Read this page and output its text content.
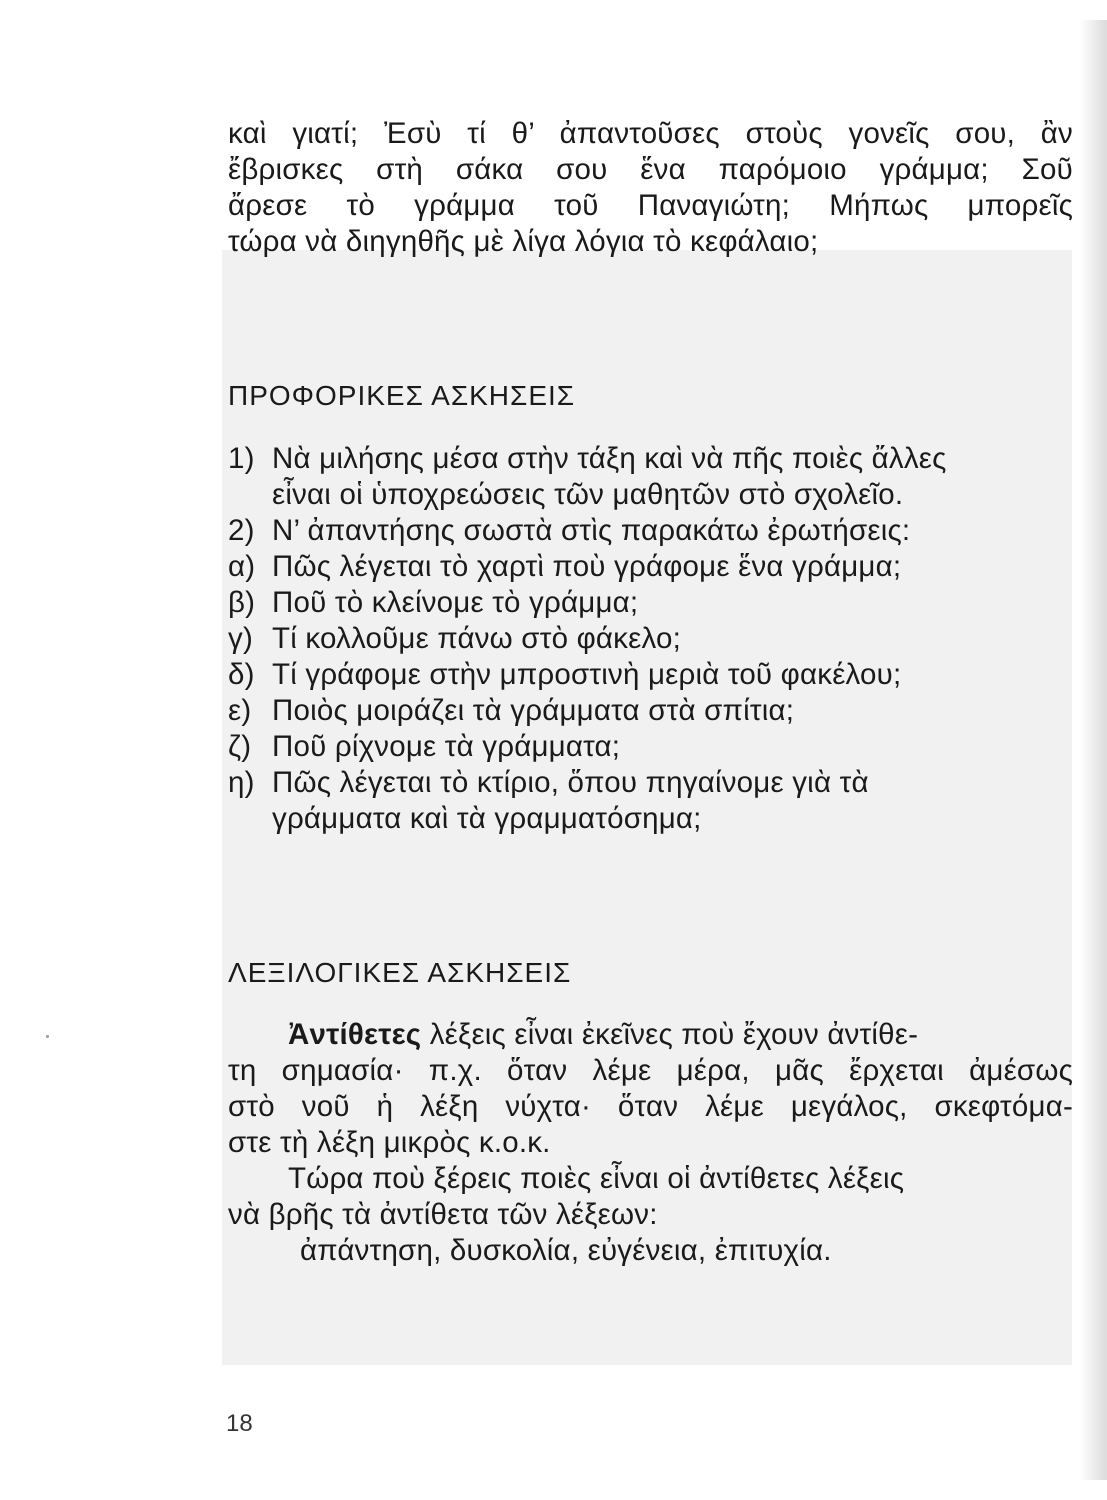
καὶ γιατί; Ἐσὺ τί θ’ ἀπαντοῦσες στοὺς γονεῖς σου, ἂν
ἔβρισκες στὴ σάκα σου ἕνα παρόμοιο γράμμα; Σοῦ
ἄρεσε τὸ γράμμα τοῦ Παναγιώτη; Μήπως μπορεῖς
τώρα νὰ διηγηθῆς μὲ λίγα λόγια τὸ κεφάλαιο;
ΠΡΟΦΟΡΙΚΕΣ ΑΣΚΗΣΕΙΣ
1) Νὰ μιλήσης μέσα στὴν τάξη καὶ νὰ πῆς ποιὲς ἄλλες
εἶναι οἱ ὑποχρεώσεις τῶν μαθητῶν στὸ σχολεῖο.
2) Ν’ ἀπαντήσης σωστὰ στὶς παρακάτω ἐρωτήσεις:
α) Πῶς λέγεται τὸ χαρτὶ ποὺ γράφομε ἕνα γράμμα;
β) Ποῦ τὸ κλείνομε τὸ γράμμα;
γ) Τί κολλοῦμε πάνω στὸ φάκελο;
δ) Τί γράφομε στὴν μπροστινὴ μεριὰ τοῦ φακέλου;
ε) Ποιὸς μοιράζει τὰ γράμματα στὰ σπίτια;
ζ) Ποῦ ρίχνομε τὰ γράμματα;
η) Πῶς λέγεται τὸ κτίριο, ὅπου πηγαίνομε γιὰ τὰ
γράμματα καὶ τὰ γραμματόσημα;
ΛΕΞΙΛΟΓΙΚΕΣ ΑΣΚΗΣΕΙΣ
Ἀντίθετες λέξεις εἶναι ἐκεῖνες ποὺ ἔχουν ἀντίθε-
τη σημασία· π.χ. ὅταν λέμε μέρα, μᾶς ἔρχεται ἀμέσως
στὸ νοῦ ἡ λέξη νύχτα· ὅταν λέμε μεγάλος, σκεφτόμα-
στε τὴ λέξη μικρὸς κ.ο.κ.
Τώρα ποὺ ξέρεις ποιὲς εἶναι οἱ ἀντίθετες λέξεις
νὰ βρῆς τὰ ἀντίθετα τῶν λέξεων:
ἀπάντηση, δυσκολία, εὐγένεια, ἐπιτυχία.
18
